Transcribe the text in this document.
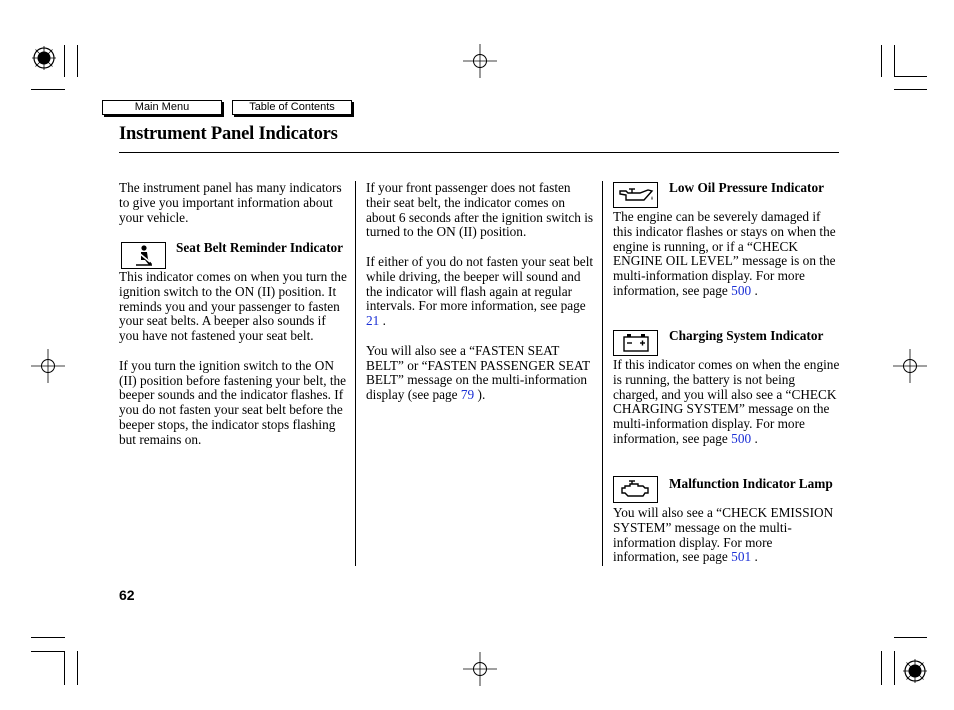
Main Menu	Table of Contents
Instrument Panel Indicators

The instrument panel has many indicators to give you important information about your vehicle.

Seat Belt Reminder Indicator

This indicator comes on when you turn the ignition switch to the ON (II) position. It reminds you and your passenger to fasten your seat belts. A beeper also sounds if you have not fastened your seat belt.

If you turn the ignition switch to the ON (II) position before fastening your belt, the beeper sounds and the indicator flashes. If you do not fasten your seat belt before the beeper stops, the indicator stops flashing but remains on.

If your front passenger does not fasten their seat belt, the indicator comes on about 6 seconds after the ignition switch is turned to the ON (II) position.

If either of you do not fasten your seat belt while driving, the beeper will sound and the indicator will flash again at regular intervals. For more information, see page 21 .

You will also see a “FASTEN SEAT BELT” or “FASTEN PASSENGER SEAT BELT” message on the multi-information display (see page 79 ).

Low Oil Pressure Indicator

The engine can be severely damaged if this indicator flashes or stays on when the engine is running, or if a “CHECK ENGINE OIL LEVEL” message is on the multi-information display. For more information, see page 500 .

Charging System Indicator

If this indicator comes on when the engine is running, the battery is not being charged, and you will also see a “CHECK CHARGING SYSTEM” message on the multi-information display. For more information, see page 500 .

Malfunction Indicator Lamp

You will also see a “CHECK EMISSION SYSTEM” message on the multi-information display. For more information, see page 501 .

62
